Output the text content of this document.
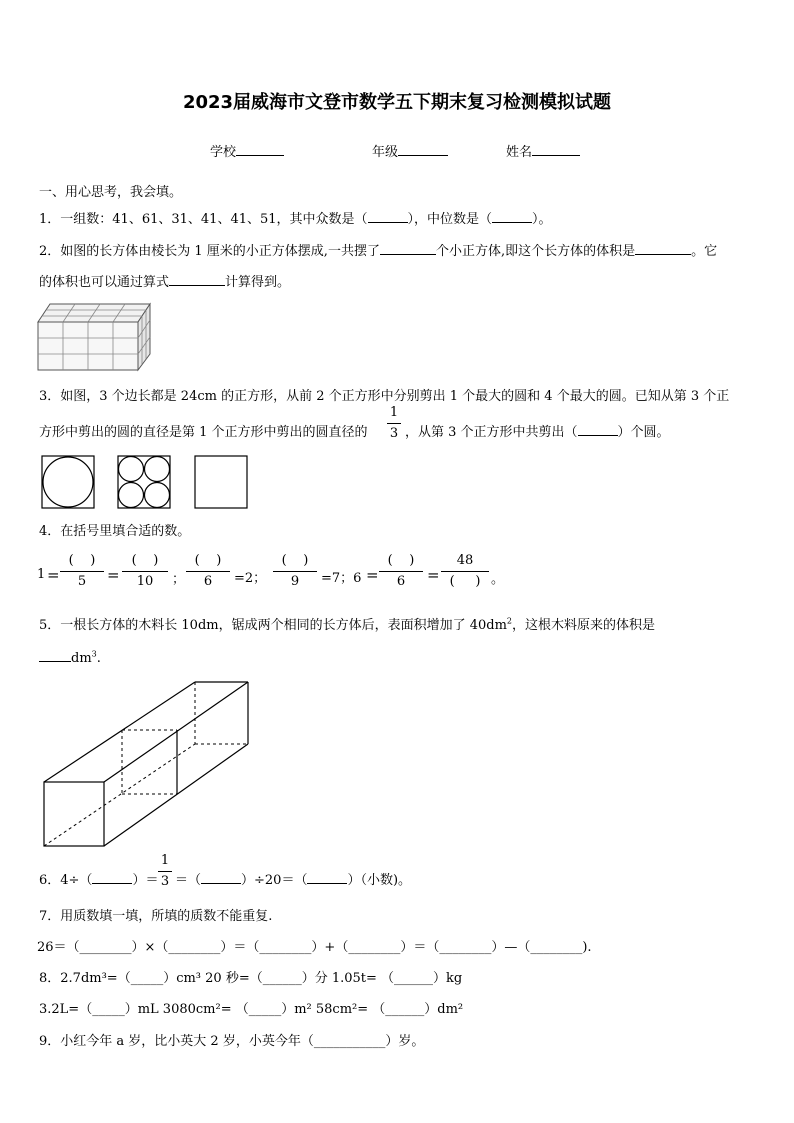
2023届威海市文登市数学五下期末复习检测模拟试题
学校	年级	姓名
一、用心思考，我会填。
1．一组数：41、61、31、41、41、51，其中众数是（	），中位数是（	）。
2．如图的长方体由棱长为 1 厘米的小正方体摆成,一共摆了	个小正方体,即这个长方体的体积是	。它
的体积也可以通过算式	计算得到。
3．如图，3 个边长都是 24cm 的正方形，从前 2 个正方形中分别剪出 1 个最大的圆和 4 个最大的圆。已知从第 3 个正
方形中剪出的圆的直径是第 1 个正方形中剪出的圆直径的
1
3 ，从第 3 个正方形中共剪出（	）个圆。
4．在括号里填合适的数。
1 =
(    )
5	=
(    )
10	；
(    )
6	=2；
(    )
9	=7；6 =
(    )
6	=
48
(     ) 。
5．一根长方体的木料长 10dm，锯成两个相同的长方体后，表面积增加了 $40dm^2$，这根木料原来的体积是
$dm^3$.
6．4÷（	）＝
1
3 ＝（	）÷20＝（	）（小数)。
7．用质数填一填，所填的质数不能重复.
26＝（________）×（________）＝（________）+（________）＝（________）—（________).
8．2.7dm³=（_____）cm³ 20 秒=（______）分 1.05t= （______）kg
3.2L=（_____）mL 3080cm²= （_____）m² 58cm²= （______）dm²
9．小红今年 a 岁，比小英大 2 岁，小英今年（___________）岁。
